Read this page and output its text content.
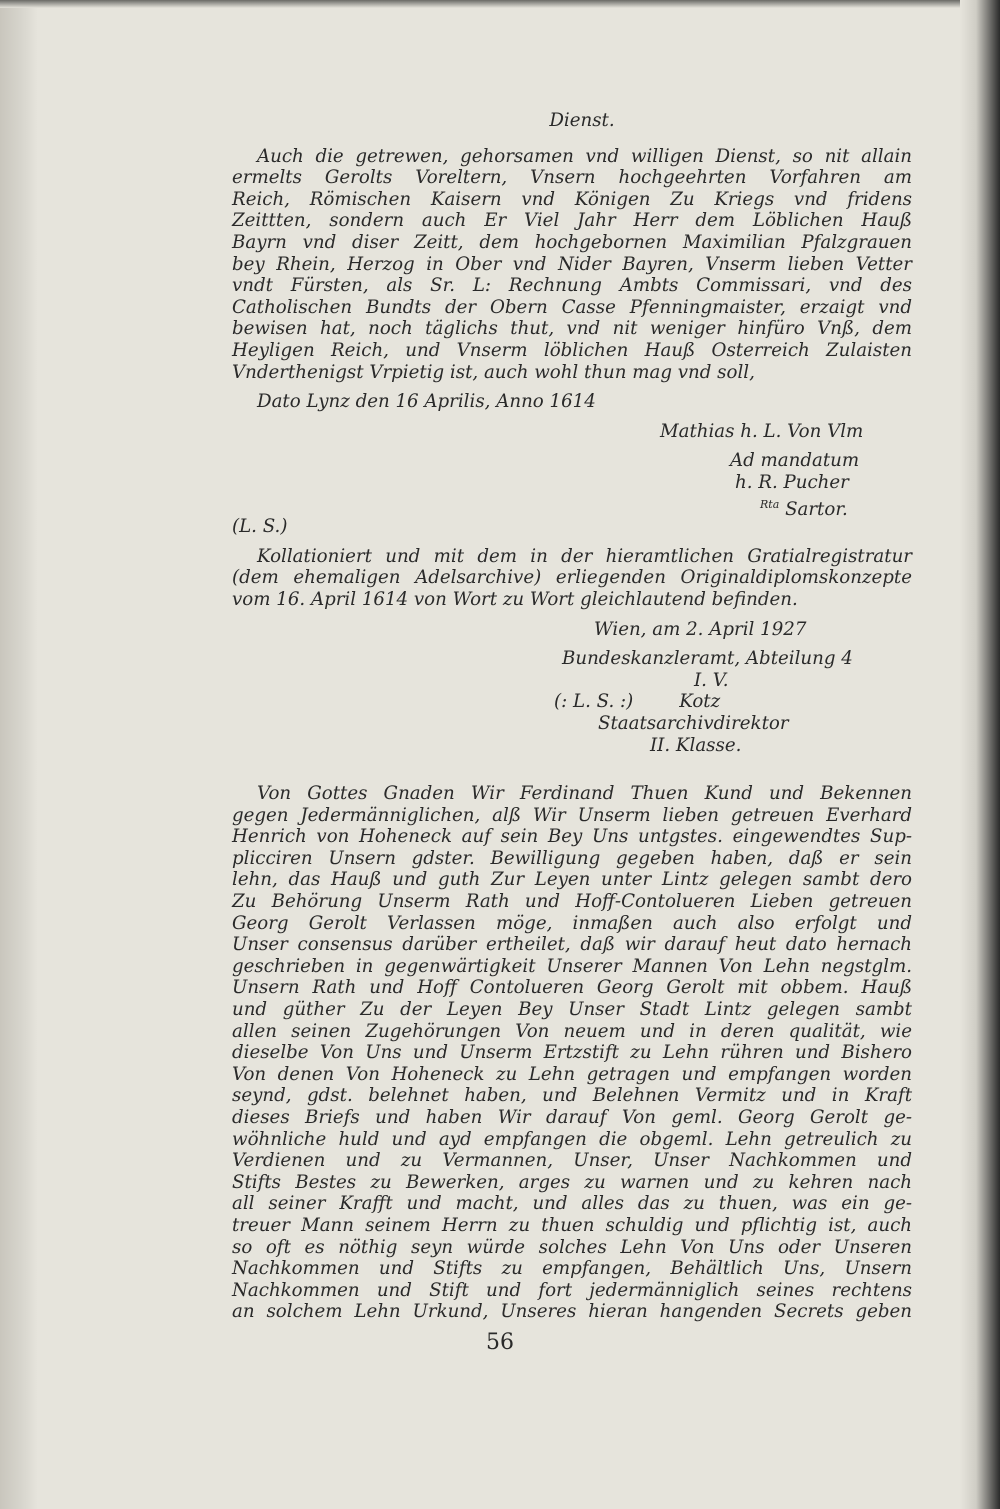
Dienst.
Auch die getrewen, gehorsamen vnd willigen Dienst, so nit allain
ermelts Gerolts Voreltern, Vnsern hochgeehrten Vorfahren am
Reich, Römischen Kaisern vnd Königen Zu Kriegs vnd fridens
Zeittten, sondern auch Er Viel Jahr Herr dem Löblichen Hauß
Bayrn vnd diser Zeitt, dem hochgebornen Maximilian Pfalzgrauen
bey Rhein, Herzog in Ober vnd Nider Bayren, Vnserm lieben Vetter
vndt Fürsten, als Sr. L: Rechnung Ambts Commissari, vnd des
Catholischen Bundts der Obern Casse Pfenningmaister, erzaigt vnd
bewisen hat, noch täglichs thut, vnd nit weniger hinfüro Vnß, dem
Heyligen Reich, und Vnserm löblichen Hauß Osterreich Zulaisten
Vnderthenigst Vrpietig ist, auch wohl thun mag vnd soll,
Dato Lynz den 16 Aprilis, Anno 1614
Mathias h. L. Von Vlm
Ad mandatum
h. R. Pucher
$^{Rta}$ Sartor.
(L. S.)
Kollationiert und mit dem in der hieramtlichen Gratialregistratur
(dem ehemaligen Adelsarchive) erliegenden Originaldiplomskonzepte
vom 16. April 1614 von Wort zu Wort gleichlautend befinden.
Wien, am 2. April 1927
Bundeskanzleramt, Abteilung 4
I. V.
(: L. S. :)	Kotz
Staatsarchivdirektor
II. Klasse.
Von Gottes Gnaden Wir Ferdinand Thuen Kund und Bekennen
gegen Jedermänniglichen, alß Wir Unserm lieben getreuen Everhard
Henrich von Hoheneck auf sein Bey Uns untgstes. eingewendtes Sup-
plicciren Unsern gdster. Bewilligung gegeben haben, daß er sein
lehn, das Hauß und guth Zur Leyen unter Lintz gelegen sambt dero
Zu Behörung Unserm Rath und Hoff-Contolueren Lieben getreuen
Georg Gerolt Verlassen möge, inmaßen auch also erfolgt und
Unser consensus darüber ertheilet, daß wir darauf heut dato hernach
geschrieben in gegenwärtigkeit Unserer Mannen Von Lehn negstglm.
Unsern Rath und Hoff Contolueren Georg Gerolt mit obbem. Hauß
und güther Zu der Leyen Bey Unser Stadt Lintz gelegen sambt
allen seinen Zugehörungen Von neuem und in deren qualität, wie
dieselbe Von Uns und Unserm Ertzstift zu Lehn rühren und Bishero
Von denen Von Hoheneck zu Lehn getragen und empfangen worden
seynd, gdst. belehnet haben, und Belehnen Vermitz und in Kraft
dieses Briefs und haben Wir darauf Von geml. Georg Gerolt ge-
wöhnliche huld und ayd empfangen die obgeml. Lehn getreulich zu
Verdienen und zu Vermannen, Unser, Unser Nachkommen und
Stifts Bestes zu Bewerken, arges zu warnen und zu kehren nach
all seiner Krafft und macht, und alles das zu thuen, was ein ge-
treuer Mann seinem Herrn zu thuen schuldig und pflichtig ist, auch
so oft es nöthig seyn würde solches Lehn Von Uns oder Unseren
Nachkommen und Stifts zu empfangen, Behältlich Uns, Unsern
Nachkommen und Stift und fort jedermänniglich seines rechtens
an solchem Lehn Urkund, Unseres hieran hangenden Secrets geben
56
